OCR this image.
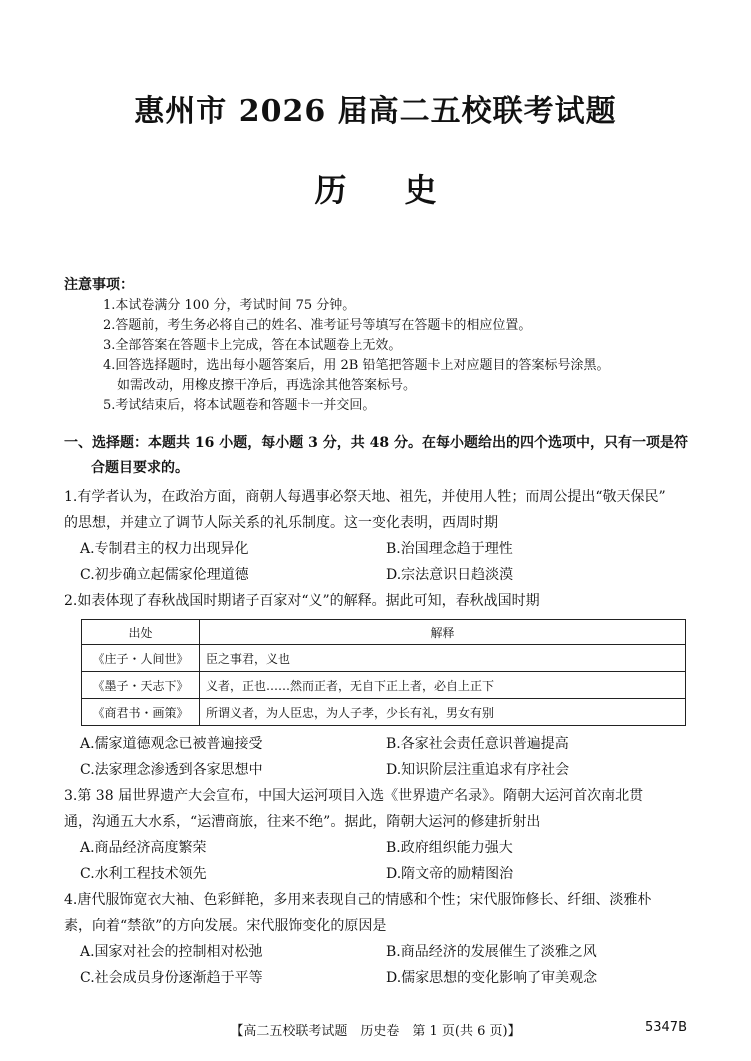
惠州市 2026 届高二五校联考试题
历史
注意事项：
1.本试卷满分 100 分，考试时间 75 分钟。
2.答题前，考生务必将自己的姓名、准考证号等填写在答题卡的相应位置。
3.全部答案在答题卡上完成，答在本试题卷上无效。
4.回答选择题时，选出每小题答案后，用 2B 铅笔把答题卡上对应题目的答案标号涂黑。
如需改动，用橡皮擦干净后，再选涂其他答案标号。
5.考试结束后，将本试题卷和答题卡一并交回。
一、选择题：本题共 16 小题，每小题 3 分，共 48 分。在每小题给出的四个选项中，只有一项是符
合题目要求的。
1.有学者认为，在政治方面，商朝人每遇事必祭天地、祖先，并使用人牲；而周公提出“敬天保民”
的思想，并建立了调节人际关系的礼乐制度。这一变化表明，西周时期
A.专制君主的权力出现异化	B.治国理念趋于理性
C.初步确立起儒家伦理道德	D.宗法意识日趋淡漠
2.如表体现了春秋战国时期诸子百家对“义”的解释。据此可知，春秋战国时期
出处	解释
《庄子・人间世》	臣之事君，义也
《墨子・天志下》	义者，正也……然而正者，无自下正上者，必自上正下
《商君书・画策》	所谓义者，为人臣忠，为人子孝，少长有礼，男女有别
A.儒家道德观念已被普遍接受	B.各家社会责任意识普遍提高
C.法家理念渗透到各家思想中	D.知识阶层注重追求有序社会
3.第 38 届世界遗产大会宣布，中国大运河项目入选《世界遗产名录》。隋朝大运河首次南北贯
通，沟通五大水系，“运漕商旅，往来不绝”。据此，隋朝大运河的修建折射出
A.商品经济高度繁荣	B.政府组织能力强大
C.水利工程技术领先	D.隋文帝的励精图治
4.唐代服饰宽衣大袖、色彩鲜艳，多用来表现自己的情感和个性；宋代服饰修长、纤细、淡雅朴
素，向着“禁欲”的方向发展。宋代服饰变化的原因是
A.国家对社会的控制相对松弛	B.商品经济的发展催生了淡雅之风
C.社会成员身份逐渐趋于平等	D.儒家思想的变化影响了审美观念
【高二五校联考试题　历史卷　第 1 页(共 6 页)】	5347B
